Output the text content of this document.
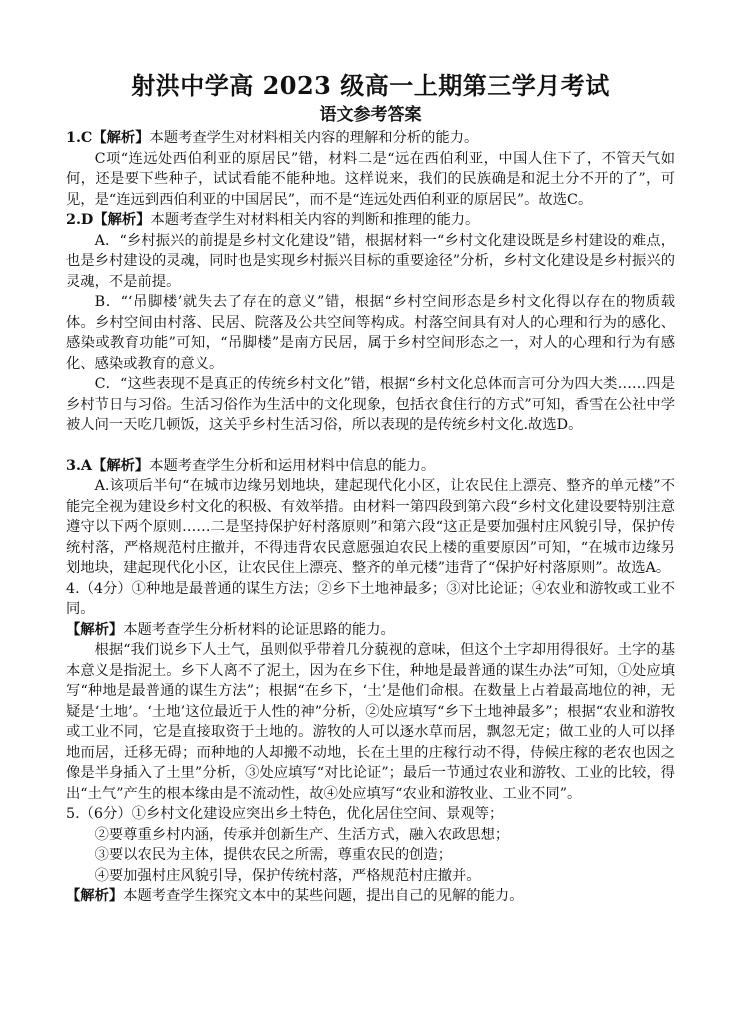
射洪中学高 2023 级高一上期第三学月考试
语文参考答案

1.C【解析】本题考查学生对材料相关内容的理解和分析的能力。

C项“连远处西伯利亚的原居民”错，材料二是“远在西伯利亚，中国人住下了，不管天气如何，还是要下些种子，试试看能不能种地。这样说来，我们的民族确是和泥土分不开的了”，可见，是“连远到西伯利亚的中国居民”，而不是“连远处西伯利亚的原居民”。故选C。

2.D【解析】本题考查学生对材料相关内容的判断和推理的能力。

A．“乡村振兴的前提是乡村文化建设”错，根据材料一“乡村文化建设既是乡村建设的难点，也是乡村建设的灵魂，同时也是实现乡村振兴目标的重要途径”分析，乡村文化建设是乡村振兴的灵魂，不是前提。

B．“‘吊脚楼’就失去了存在的意义”错，根据“乡村空间形态是乡村文化得以存在的物质载体。乡村空间由村落、民居、院落及公共空间等构成。村落空间具有对人的心理和行为的感化、感染或教育功能”可知，“吊脚楼”是南方民居，属于乡村空间形态之一，对人的心理和行为有感化、感染或教育的意义。

C．“这些表现不是真正的传统乡村文化”错，根据“乡村文化总体而言可分为四大类……四是乡村节日与习俗。生活习俗作为生活中的文化现象，包括衣食住行的方式”可知，香雪在公社中学被人问一天吃几顿饭，这关乎乡村生活习俗，所以表现的是传统乡村文化.故选D。

3.A【解析】本题考查学生分析和运用材料中信息的能力。

A.该项后半句“在城市边缘另划地块，建起现代化小区，让农民住上漂亮、整齐的单元楼”不能完全视为建设乡村文化的积极、有效举措。由材料一第四段到第六段“乡村文化建设要特别注意遵守以下两个原则……二是坚持保护好村落原则”和第六段“这正是要加强村庄风貌引导，保护传统村落，严格规范村庄撤并，不得违背农民意愿强迫农民上楼的重要原因”可知，“在城市边缘另划地块，建起现代化小区，让农民住上漂亮、整齐的单元楼”违背了“保护好村落原则”。故选A。

4.（4分）①种地是最普通的谋生方法；②乡下土地神最多；③对比论证；④农业和游牧或工业不同。

【解析】本题考查学生分析材料的论证思路的能力。

根据“我们说乡下人土气，虽则似乎带着几分藐视的意味，但这个土字却用得很好。土字的基本意义是指泥土。乡下人离不了泥土，因为在乡下住，种地是最普通的谋生办法”可知，①处应填写“种地是最普通的谋生方法”；根据“在乡下，‘土’是他们命根。在数量上占着最高地位的神，无疑是‘土地’。‘土地’这位最近于人性的神”分析，②处应填写“乡下土地神最多”；根据“农业和游牧或工业不同，它是直接取资于土地的。游牧的人可以逐水草而居，飘忽无定；做工业的人可以择地而居，迁移无碍；而种地的人却搬不动地，长在土里的庄稼行动不得，侍候庄稼的老农也因之像是半身插入了土里”分析，③处应填写“对比论证”；最后一节通过农业和游牧、工业的比较，得出“土气”产生的根本缘由是不流动性，故④处应填写“农业和游牧业、工业不同”。

5.（6分）①乡村文化建设应突出乡土特色，优化居住空间、景观等；

②要尊重乡村内涵，传承并创新生产、生活方式，融入农政思想；

③要以农民为主体，提供农民之所需，尊重农民的创造；

④要加强村庄风貌引导，保护传统村落，严格规范村庄撤并。

【解析】本题考查学生探究文本中的某些问题，提出自己的见解的能力。
